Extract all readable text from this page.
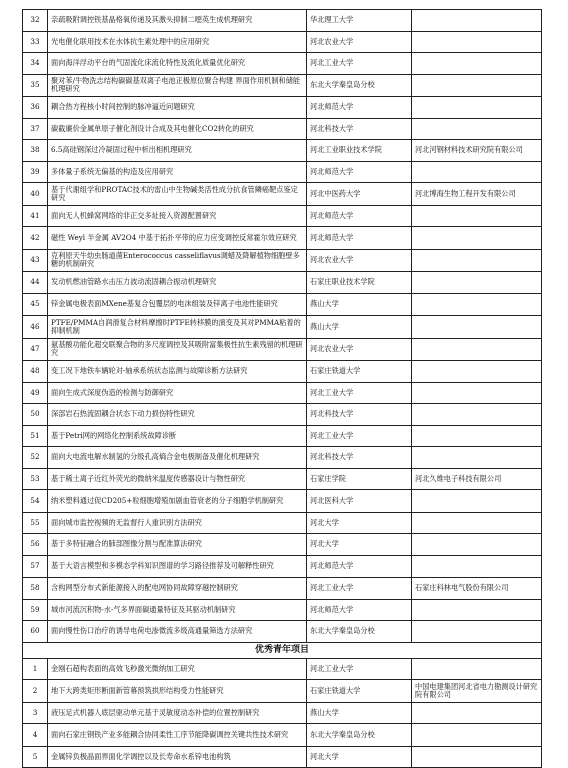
32	亲疏吸附调控铁基晶格氧传递及其激头抑制二噁英生成机理研究	华北理工大学	
33	光电催化联用技术在水体抗生素处理中的应用研究	河北农业大学	
34	面向海洋浮动平台的气固流化床流化特性及流化质量优化研究	河北工业大学	
35	聚对苯/牛物洗志结构碳碳基双离子电池正极原位聚合构建 界面作用机制和储能机理研究	东北大学秦皇岛分校	
36	耦合热方程核小时间控制的脉冲逼近问题研究	河北师范大学	
37	碳截廉价金属单原子催化剂设计合成及其电催化CO2转化的研究	河北科技大学	
38	6.5高硅钢深过冷凝固过程中析出相机理研究	河北工业职业技术学院	河北河钢材料技术研究院有限公司
39	多体量子系统无偏基的构造及应用研究	河北师范大学	
40	基于代谢组学和PROTAC技术的雷山中生物碱类活性成分抗食管鳞癌靶点鉴定研究	河北中医药大学	河北博海生物工程开发有限公司
41	面向无人机蜂窝网络的非正交多址接入资源配置研究	河北师范大学	
42	磁性 Weyl 半金属 AV2O4 中基于拓扑平带的应力应变调控反常霍尔效应研究	河北师范大学	
43	克利原天牛幼虫肠道菌Enterococcus casseliflavus调蜡及降解植物细胞壁多糖的机制研究	河北农业大学	
44	发动机燃油管路水击压力波动流固耦合振动机理研究	石家庄职业技术学院	
45	锌金属电极表面MXene基复合包覆层的电沫组装及锌离子电池性能研究	燕山大学	
46	PTFE/PMMA自润滑复合材料摩擦时PTFE转移膜的演变及其对PMMA粘着的抑制机制	燕山大学	
47	氨基酸功能化超交联聚合物的多尺度调控及其吸附富集极性抗生素残留的机理研究	河北农业大学	
48	变工况下地铁车辆轮对-轴承系统状态监测与故障诊断方法研究	石家庄铁道大学	
49	面向生成式深度伪造的检测与防御研究	河北工业大学	
50	深部岩石热流固耦合状态下动力损伤特性研究	河北科技大学	
51	基于Petri网的网络化控制系统故障诊断	河北工业大学	
52	面向大电流电解水制氢的分级孔高熵合金电极制备及催化机理研究	河北科技大学	
53	基于稀土离子近红外荧光的微纳米温度传感器设计与物性研究	石家庄学院	河北久维电子科技有限公司
54	纳米塑料通过促CD205+粒细胞增殖加剧血管衰老的分子细胞学机制研究	河北医科大学	
55	面向城市监控视频的无监督行人重识别方法研究	河北大学	
56	基于多特征融合的肺部图像分割与配准算法研究	河北大学	
57	基于大语言模型和多模态学科知识图谱的学习路径推荐及可解释性研究	河北师范大学	
58	含构网型分布式新能源接入的配电网协同故障穿越控制研究	河北工业大学	石家庄科林电气股份有限公司
59	城市河流沉积物-水-气多界面碳通量特征及其驱动机制研究	河北师范大学	
60	面向慢性伤口治疗的诱导电荷电渗微流多级高通量筛选方法研究	东北大学秦皇岛分校	
优秀青年项目			
1	金刚石超构表面的高效飞秒激光微纳加工研究	河北工业大学	
2	地下大跨类矩形断面新管幕预筑拱形结构受力性能研究	石家庄铁道大学	中国电建集团河北省电力勘测设计研究院有限公司
3	液压足式机器人底层驱动单元基于灵敏度动态补偿的位置控制研究	燕山大学	
4	面向石家庄钢铁产业多能耦合协同柔性工序节能降碳调控关键共性技术研究	东北大学秦皇岛分校	
5	金属锌负极晶面界面化学调控以及长寿命水系锌电池构筑	河北大学	
